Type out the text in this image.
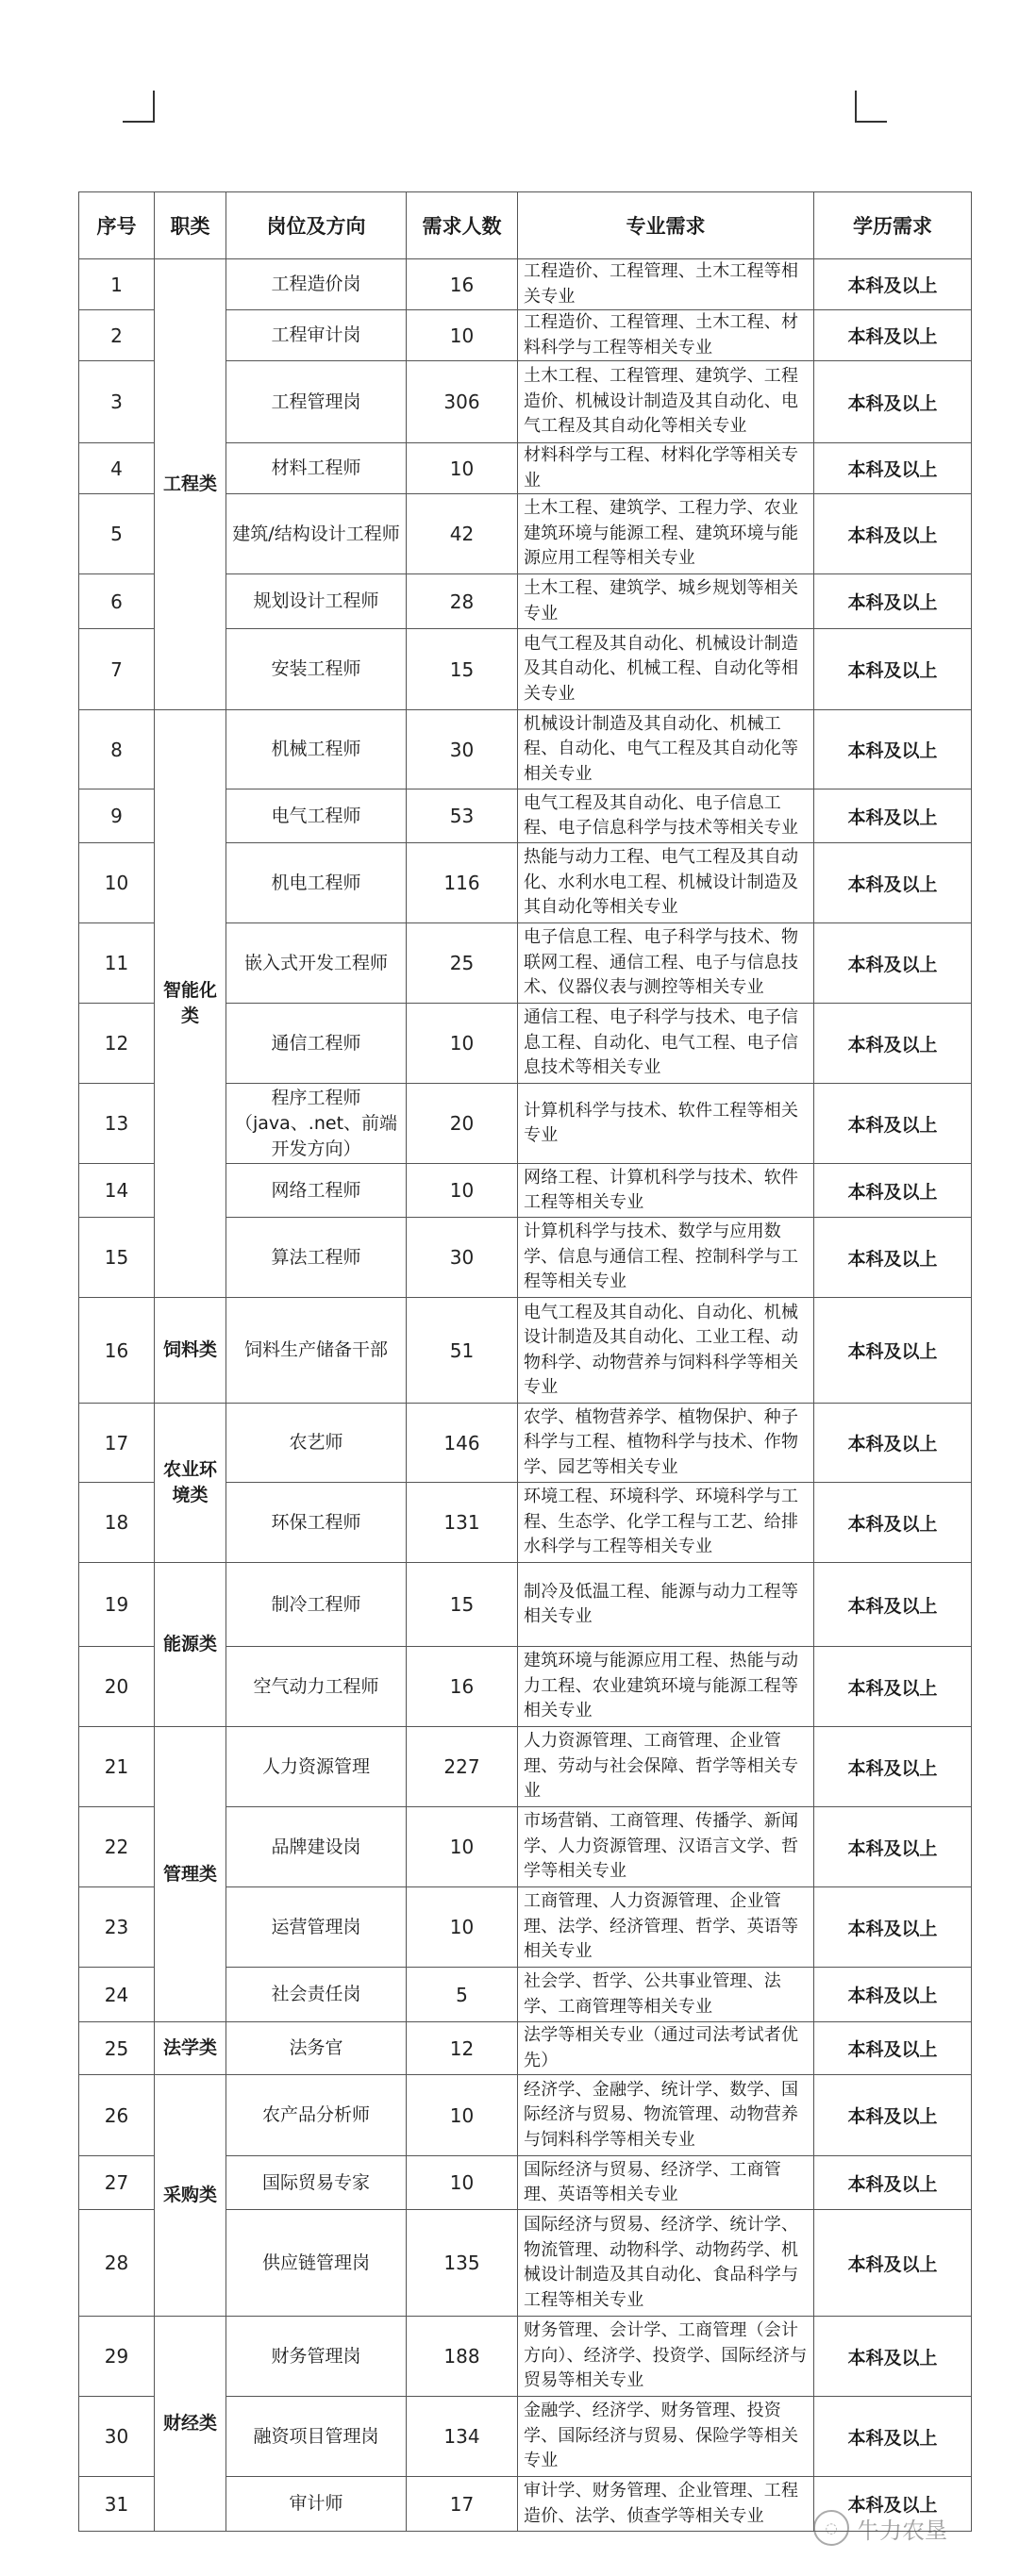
序号	职类	岗位及方向	需求人数	专业需求	学历需求
1	工程类	工程造价岗	16	工程造价、工程管理、土木工程等相关专业	本科及以上
2		工程审计岗	10	工程造价、工程管理、土木工程、材料科学与工程等相关专业	本科及以上
3		工程管理岗	306	土木工程、工程管理、建筑学、工程造价、机械设计制造及其自动化、电气工程及其自动化等相关专业	本科及以上
4		材料工程师	10	材料科学与工程、材料化学等相关专业	本科及以上
5		建筑/结构设计工程师	42	土木工程、建筑学、工程力学、农业建筑环境与能源工程、建筑环境与能源应用工程等相关专业	本科及以上
6		规划设计工程师	28	土木工程、建筑学、城乡规划等相关专业	本科及以上
7		安装工程师	15	电气工程及其自动化、机械设计制造及其自动化、机械工程、自动化等相关专业	本科及以上
8	智能化类	机械工程师	30	机械设计制造及其自动化、机械工程、自动化、电气工程及其自动化等相关专业	本科及以上
9		电气工程师	53	电气工程及其自动化、电子信息工程、电子信息科学与技术等相关专业	本科及以上
10		机电工程师	116	热能与动力工程、电气工程及其自动化、水利水电工程、机械设计制造及其自动化等相关专业	本科及以上
11		嵌入式开发工程师	25	电子信息工程、电子科学与技术、物联网工程、通信工程、电子与信息技术、仪器仪表与测控等相关专业	本科及以上
12		通信工程师	10	通信工程、电子科学与技术、电子信息工程、自动化、电气工程、电子信息技术等相关专业	本科及以上
13		程序工程师（java、.net、前端开发方向）	20	计算机科学与技术、软件工程等相关专业	本科及以上
14		网络工程师	10	网络工程、计算机科学与技术、软件工程等相关专业	本科及以上
15		算法工程师	30	计算机科学与技术、数学与应用数学、信息与通信工程、控制科学与工程等相关专业	本科及以上
16	饲料类	饲料生产储备干部	51	电气工程及其自动化、自动化、机械设计制造及其自动化、工业工程、动物科学、动物营养与饲料科学等相关专业	本科及以上
17	农业环境类	农艺师	146	农学、植物营养学、植物保护、种子科学与工程、植物科学与技术、作物学、园艺等相关专业	本科及以上
18		环保工程师	131	环境工程、环境科学、环境科学与工程、生态学、化学工程与工艺、给排水科学与工程等相关专业	本科及以上
19	能源类	制冷工程师	15	制冷及低温工程、能源与动力工程等相关专业	本科及以上
20		空气动力工程师	16	建筑环境与能源应用工程、热能与动力工程、农业建筑环境与能源工程等相关专业	本科及以上
21	管理类	人力资源管理	227	人力资源管理、工商管理、企业管理、劳动与社会保障、哲学等相关专业	本科及以上
22		品牌建设岗	10	市场营销、工商管理、传播学、新闻学、人力资源管理、汉语言文学、哲学等相关专业	本科及以上
23		运营管理岗	10	工商管理、人力资源管理、企业管理、法学、经济管理、哲学、英语等相关专业	本科及以上
24		社会责任岗	5	社会学、哲学、公共事业管理、法学、工商管理等相关专业	本科及以上
25	法学类	法务官	12	法学等相关专业（通过司法考试者优先）	本科及以上
26	采购类	农产品分析师	10	经济学、金融学、统计学、数学、国际经济与贸易、物流管理、动物营养与饲料科学等相关专业	本科及以上
27		国际贸易专家	10	国际经济与贸易、经济学、工商管理、英语等相关专业	本科及以上
28		供应链管理岗	135	国际经济与贸易、经济学、统计学、物流管理、动物科学、动物药学、机械设计制造及其自动化、食品科学与工程等相关专业	本科及以上
29	财经类	财务管理岗	188	财务管理、会计学、工商管理（会计方向）、经济学、投资学、国际经济与贸易等相关专业	本科及以上
30		融资项目管理岗	134	金融学、经济学、财务管理、投资学、国际经济与贸易、保险学等相关专业	本科及以上
31		审计师	17	审计学、财务管理、企业管理、工程造价、法学、侦查学等相关专业	本科及以上
◌ 牛力农垦
